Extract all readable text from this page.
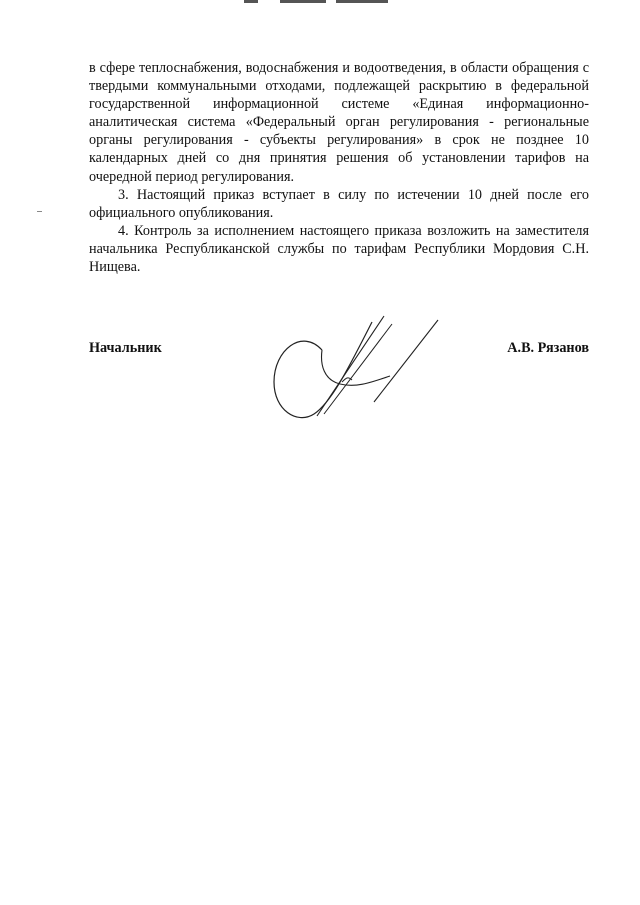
в сфере теплоснабжения, водоснабжения и водоотведения, в области обращения с твердыми коммунальными отходами, подлежащей раскрытию в федеральной государственной информационной системе «Единая информационно-аналитическая система «Федеральный орган регулирования - региональные органы регулирования - субъекты регулирования» в срок не позднее 10 календарных дней со дня принятия решения об установлении тарифов на очередной период регулирования.

3. Настоящий приказ вступает в силу по истечении 10 дней после его официального опубликования.

4. Контроль за исполнением настоящего приказа возложить на заместителя начальника Республиканской службы по тарифам Республики Мордовия С.Н. Нищева.

Начальник	А.В. Рязанов
